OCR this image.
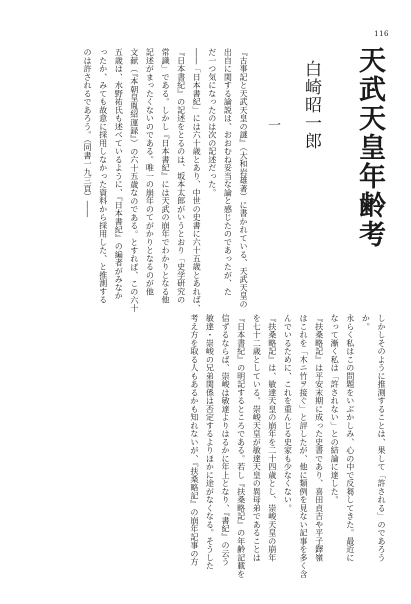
116
天武天皇年齢考
白崎昭一郎
一
『古事記と天武天皇の謎』（大和岩雄著）に書かれている、天武天皇の
出自に関する論説は、おおむね妥当な論と感じたのであったが、た
だ一つ気になったのは次の記述だった。
――「日本書紀」には六十歳とあり、中世の史書に六十五歳とあれば、
『日本書紀』の記述をとるのは、坂本太郎がいうとおり「史学研究の
常識」である。しかし『日本書紀』には天武の崩年でわかりとなる他
記述がまったくないのである。唯一の崩年のてがかりとなるのが他
文献（『本朝皇胤紹運録』）の六十五歳なのである。とすれば、この六十
五歳は、水野祐氏も述べているように、『日本書紀』の編者がみなか
ったか、みても故意に採用しなかった資料から採用した、と推測する
のは許されるであろう。（同書一九三頁）――
しかしそのように推測することは、果して「許される」のであろう
か。
永らく私はこの問題をいぶかしみ、心の中で反芻してきた。最近に
なって漸く私は「許されない」との結論に達した。
『扶桑略記』は平安末期に成った史書であり、喜田貞吉や平子鐸嶺
はこれを「木ニ竹ヲ接ぐ」と評したが、他に類例を見ない記事を多く含
んでいるために、これを重んじる史家も少なくない。
『扶桑略記』は、敏達天皇の崩年を二十四歳とし、崇峻天皇の崩年
を七十二歳としている。崇峻天皇が敏達天皇の異母弟であることは
『日本書紀』の明記するところである。若し『扶桑略記』の年齢記載を
信ずるならば、崇峻は敏達よりはるかに年上となり、『書紀』の云う
敏達・崇峻の兄弟関係は否定するよりほかに途がなくなる。そうした
考え方を取る人もあるかも知れないが、『扶桑略記』の崩年記事の方
